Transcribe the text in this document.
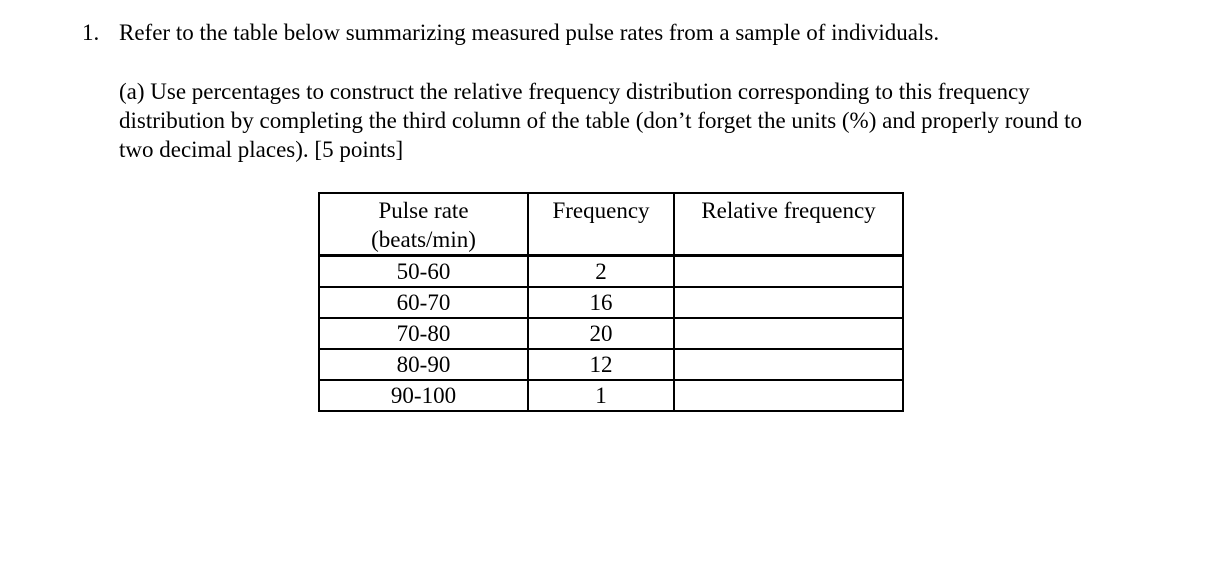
1. Refer to the table below summarizing measured pulse rates from a sample of individuals.
(a) Use percentages to construct the relative frequency distribution corresponding to this frequency
distribution by completing the third column of the table (don’t forget the units (%) and properly round to
two decimal places). [5 points]
Pulse rate
(beats/min)	Frequency	Relative frequency
50-60	2	
60-70	16	
70-80	20	
80-90	12	
90-100	1	
